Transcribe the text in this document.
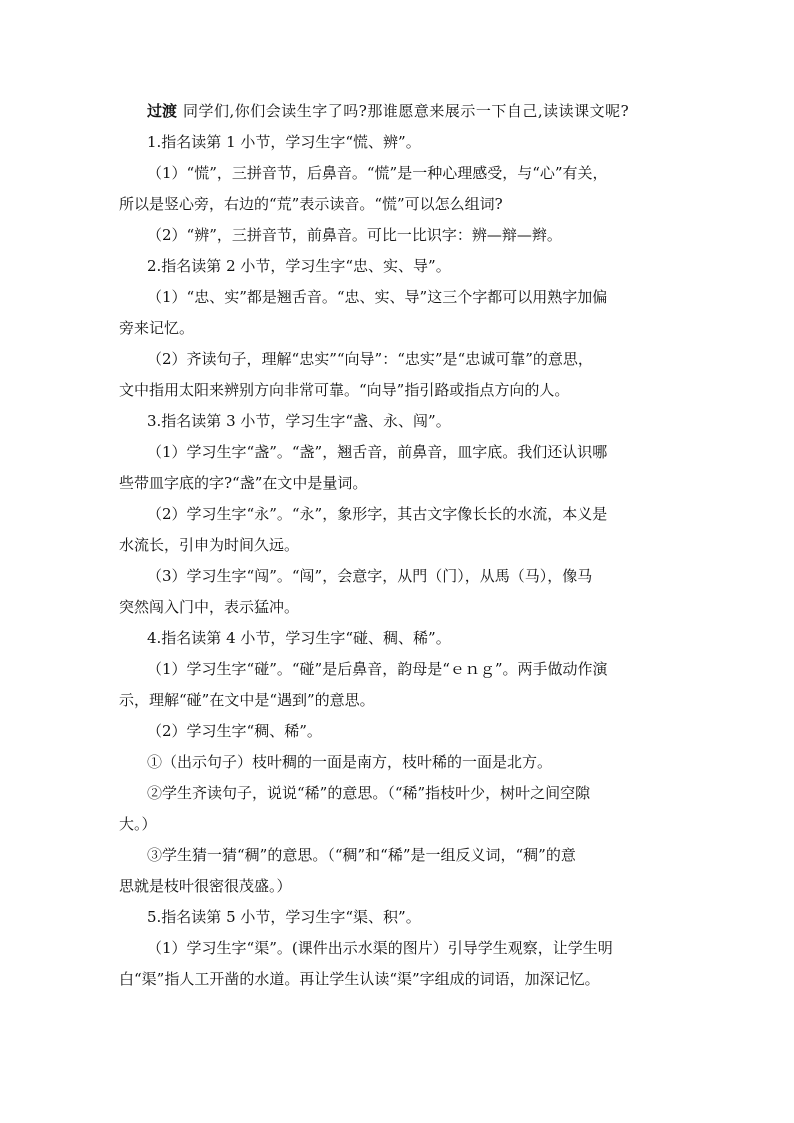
过渡 同学们,你们会读生字了吗?那谁愿意来展示一下自己,读读课文呢?
1.指名读第 1 小节，学习生字“慌、辨”。
（1）“慌”，三拼音节，后鼻音。“慌”是一种心理感受，与“心”有关，
所以是竖心旁，右边的“荒”表示读音。“慌”可以怎么组词?
（2）“辨”，三拼音节，前鼻音。可比一比识字：辨—辩—辫。
2.指名读第 2 小节，学习生字“忠、实、导”。
（1）“忠、实”都是翘舌音。“忠、实、导”这三个字都可以用熟字加偏
旁来记忆。
（2）齐读句子，理解“忠实”“向导”：“忠实”是“忠诚可靠”的意思，
文中指用太阳来辨别方向非常可靠。“向导”指引路或指点方向的人。
3.指名读第 3 小节，学习生字“盏、永、闯”。
（1）学习生字“盏”。“盏”，翘舌音，前鼻音，皿字底。我们还认识哪
些带皿字底的字?“盏”在文中是量词。
（2）学习生字“永”。“永”，象形字，其古文字像长长的水流，本义是
水流长，引申为时间久远。
（3）学习生字“闯”。“闯”，会意字，从門（门），从馬（马），像马
突然闯入门中，表示猛冲。
4.指名读第 4 小节，学习生字“碰、稠、稀”。
（1）学习生字“碰”。“碰”是后鼻音，韵母是“ｅｎｇ”。两手做动作演
示，理解“碰”在文中是“遇到”的意思。
（2）学习生字“稠、稀”。
①（出示句子）枝叶稠的一面是南方，枝叶稀的一面是北方。
②学生齐读句子，说说“稀”的意思。（“稀”指枝叶少，树叶之间空隙
大。）
③学生猜一猜“稠”的意思。（“稠”和“稀”是一组反义词，“稠”的意
思就是枝叶很密很茂盛。）
5.指名读第 5 小节，学习生字“渠、积”。
（1）学习生字“渠”。(课件出示水渠的图片）引导学生观察，让学生明
白“渠”指人工开凿的水道。再让学生认读“渠”字组成的词语，加深记忆。
